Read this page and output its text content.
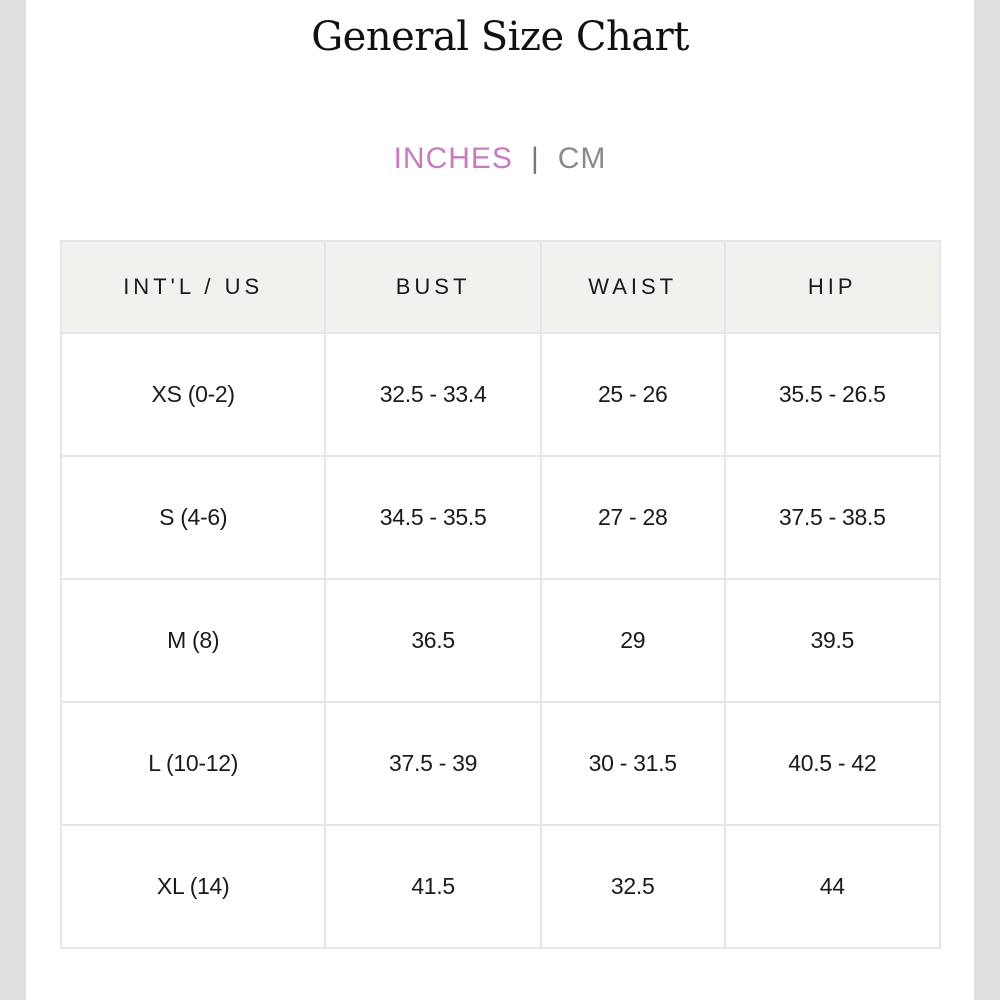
General Size Chart
INCHES | CM
INT'L / US	BUST	WAIST	HIP
XS (0-2)	32.5 - 33.4	25 - 26	35.5 - 26.5
S (4-6)	34.5 - 35.5	27 - 28	37.5 - 38.5
M (8)	36.5	29	39.5
L (10-12)	37.5 - 39	30 - 31.5	40.5 - 42
XL (14)	41.5	32.5	44
